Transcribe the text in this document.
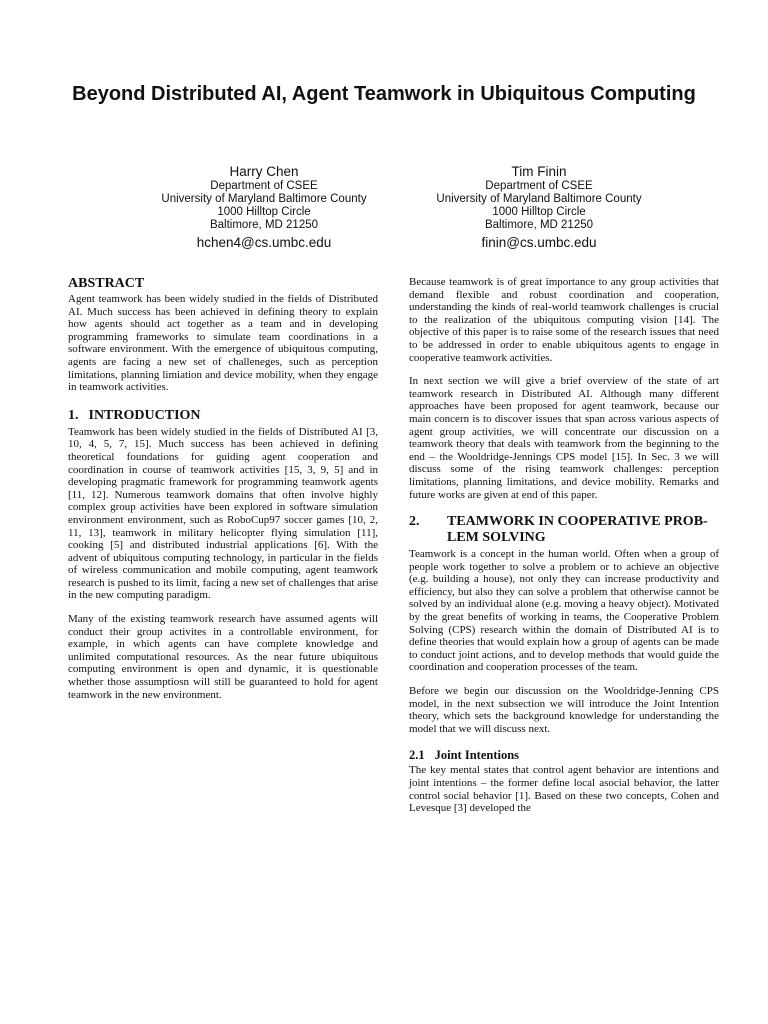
Beyond Distributed AI, Agent Teamwork in Ubiquitous Computing
Harry Chen
Department of CSEE
University of Maryland Baltimore County
1000 Hilltop Circle
Baltimore, MD 21250
hchen4@cs.umbc.edu
Tim Finin
Department of CSEE
University of Maryland Baltimore County
1000 Hilltop Circle
Baltimore, MD 21250
finin@cs.umbc.edu
ABSTRACT

Agent teamwork has been widely studied in the fields of Distributed AI. Much success has been achieved in defining theory to explain how agents should act together as a team and in developing programming frameworks to simulate team coordinations in a software environment. With the emergence of ubiquitous computing, agents are facing a new set of challeneges, such as perception limitations, planning limiation and device mobility, when they engage in teamwork activities.

1. INTRODUCTION

Teamwork has been widely studied in the fields of Distributed AI [3, 10, 4, 5, 7, 15]. Much success has been achieved in defining theoretical foundations for guiding agent cooperation and coordination in course of teamwork activities [15, 3, 9, 5] and in developing pragmatic framework for programming teamwork agents [11, 12]. Numerous teamwork domains that often involve highly complex group activities have been explored in software simulation environment environment, such as RoboCup97 soccer games [10, 2, 11, 13], teamwork in military helicopter flying simulation [11], cooking [5] and distributed industrial applications [6]. With the advent of ubiquitous computing technology, in particular in the fields of wireless communication and mobile computing, agent teamwork research is pushed to its limit, facing a new set of challenges that arise in the new computing paradigm.

Many of the existing teamwork research have assumed agents will conduct their group activites in a controllable environment, for example, in which agents can have complete knowledge and unlimited computational resources. As the near future ubiquitous computing environment is open and dynamic, it is questionable whether those assumptiosn will still be guaranteed to hold for agent teamwork in the new environment.

Because teamwork is of great importance to any group activities that demand flexible and robust coordination and cooperation, understanding the kinds of real-world teamwork challenges is crucial to the realization of the ubiquitous computing vision [14]. The objective of this paper is to raise some of the research issues that need to be addressed in order to enable ubiquitous agents to engage in cooperative teamwork activities.

In next section we will give a brief overview of the state of art teamwork research in Distributed AI. Although many different approaches have been proposed for agent teamwork, because our main concern is to discover issues that span across various aspects of agent group activities, we will concentrate our discussion on a teamwork theory that deals with teamwork from the beginning to the end – the Wooldridge-Jennings CPS model [15]. In Sec. 3 we will discuss some of the rising teamwork challenges: perception limitations, planning limitations, and device mobility. Remarks and future works are given at end of this paper.

2.	TEAMWORK IN COOPERATIVE PROB-
LEM SOLVING

Teamwork is a concept in the human world. Often when a group of people work together to solve a problem or to achieve an objective (e.g. building a house), not only they can increase productivity and efficiency, but also they can solve a problem that otherwise cannot be solved by an individual alone (e.g. moving a heavy object). Motivated by the great benefits of working in teams, the Cooperative Problem Solving (CPS) research within the domain of Distributed AI is to define theories that would explain how a group of agents can be made to conduct joint actions, and to develop methods that would guide the coordination and cooperation processes of the team.

Before we begin our discussion on the Wooldridge-Jenning CPS model, in the next subsection we will introduce the Joint Intention theory, which sets the background knowledge for understanding the model that we will discuss next.

2.1 Joint Intentions

The key mental states that control agent behavior are intentions and joint intentions – the former define local asocial behavior, the latter control social behavior [1]. Based on these two concepts, Cohen and Levesque [3] developed the
